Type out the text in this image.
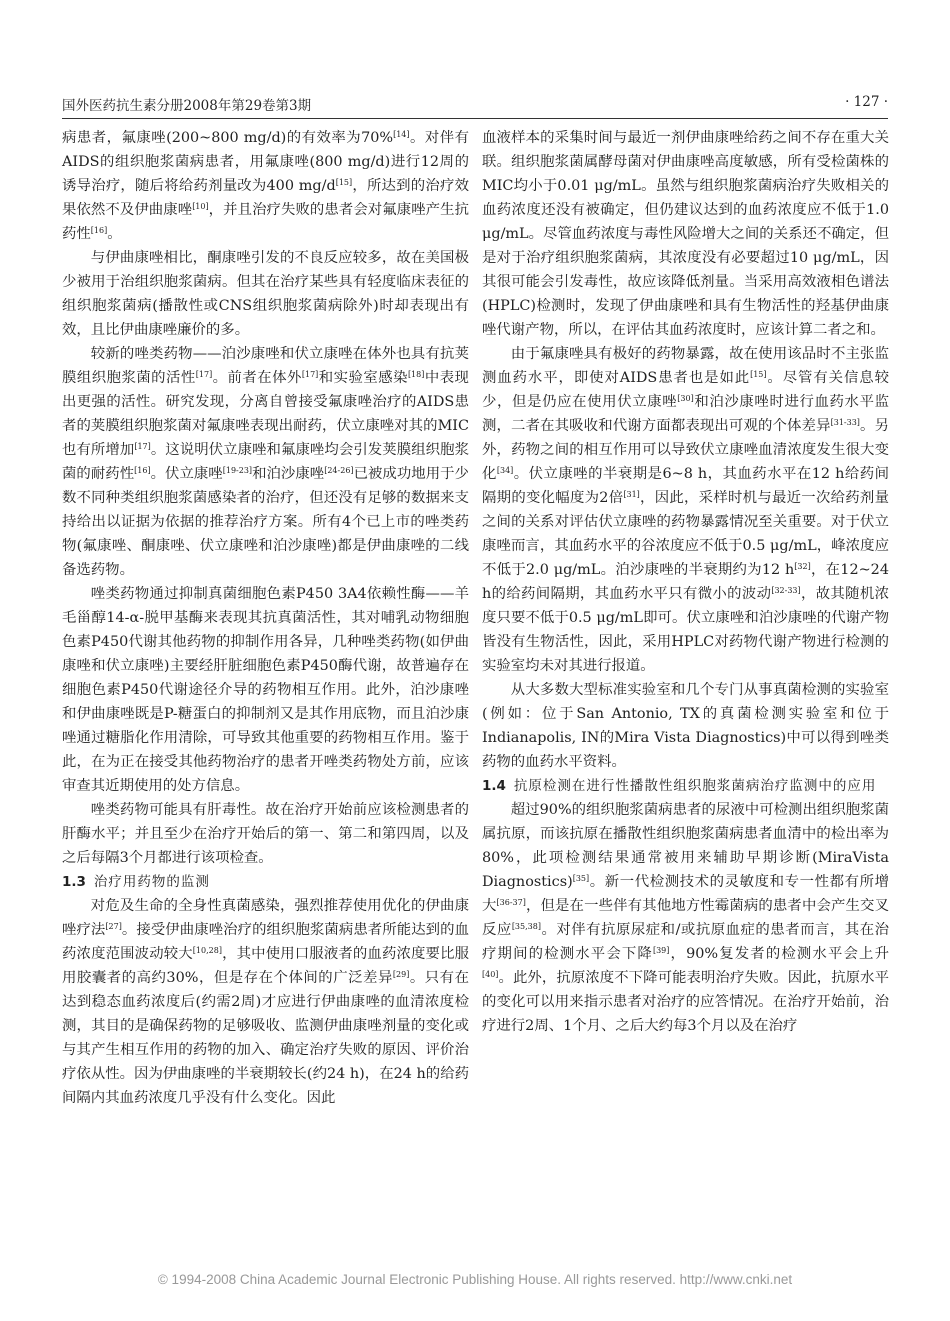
国外医药抗生素分册2008年第29卷第3期	· 127 ·

病患者，氟康唑(200~800 mg/d)的有效率为70%[14]。对伴有AIDS的组织胞浆菌病患者，用氟康唑(800 mg/d)进行12周的诱导治疗，随后将给药剂量改为400 mg/d[15]，所达到的治疗效果依然不及伊曲康唑[10]，并且治疗失败的患者会对氟康唑产生抗药性[16]。

与伊曲康唑相比，酮康唑引发的不良反应较多，故在美国极少被用于治组织胞浆菌病。但其在治疗某些具有轻度临床表征的组织胞浆菌病(播散性或CNS组织胞浆菌病除外)时却表现出有效，且比伊曲康唑廉价的多。

较新的唑类药物——泊沙康唑和伏立康唑在体外也具有抗荚膜组织胞浆菌的活性[17]。前者在体外[17]和实验室感染[18]中表现出更强的活性。研究发现，分离自曾接受氟康唑治疗的AIDS患者的荚膜组织胞浆菌对氟康唑表现出耐药，伏立康唑对其的MIC也有所增加[17]。这说明伏立康唑和氟康唑均会引发荚膜组织胞浆菌的耐药性[16]。伏立康唑[19-23]和泊沙康唑[24-26]已被成功地用于少数不同种类组织胞浆菌感染者的治疗，但还没有足够的数据来支持给出以证据为依据的推荐治疗方案。所有4个已上市的唑类药物(氟康唑、酮康唑、伏立康唑和泊沙康唑)都是伊曲康唑的二线备选药物。

唑类药物通过抑制真菌细胞色素P450 3A4依赖性酶——羊毛甾醇14-α-脱甲基酶来表现其抗真菌活性，其对哺乳动物细胞色素P450代谢其他药物的抑制作用各异，几种唑类药物(如伊曲康唑和伏立康唑)主要经肝脏细胞色素P450酶代谢，故普遍存在细胞色素P450代谢途径介导的药物相互作用。此外，泊沙康唑和伊曲康唑既是P-糖蛋白的抑制剂又是其作用底物，而且泊沙康唑通过糖脂化作用清除，可导致其他重要的药物相互作用。鉴于此，在为正在接受其他药物治疗的患者开唑类药物处方前，应该审查其近期使用的处方信息。

唑类药物可能具有肝毒性。故在治疗开始前应该检测患者的肝酶水平；并且至少在治疗开始后的第一、第二和第四周，以及之后每隔3个月都进行该项检查。

1.3 治疗用药物的监测

对危及生命的全身性真菌感染，强烈推荐使用优化的伊曲康唑疗法[27]。接受伊曲康唑治疗的组织胞浆菌病患者所能达到的血药浓度范围波动较大[10,28]，其中使用口服液者的血药浓度要比服用胶囊者的高约30%，但是存在个体间的广泛差异[29]。只有在达到稳态血药浓度后(约需2周)才应进行伊曲康唑的血清浓度检测，其目的是确保药物的足够吸收、监测伊曲康唑剂量的变化或与其产生相互作用的药物的加入、确定治疗失败的原因、评价治疗依从性。因为伊曲康唑的半衰期较长(约24 h)，在24 h的给药间隔内其血药浓度几乎没有什么变化。因此

血液样本的采集时间与最近一剂伊曲康唑给药之间不存在重大关联。组织胞浆菌属酵母菌对伊曲康唑高度敏感，所有受检菌株的MIC均小于0.01 μg/mL。虽然与组织胞浆菌病治疗失败相关的血药浓度还没有被确定，但仍建议达到的血药浓度应不低于1.0 μg/mL。尽管血药浓度与毒性风险增大之间的关系还不确定，但是对于治疗组织胞浆菌病，其浓度没有必要超过10 μg/mL，因其很可能会引发毒性，故应该降低剂量。当采用高效液相色谱法(HPLC)检测时，发现了伊曲康唑和具有生物活性的羟基伊曲康唑代谢产物，所以，在评估其血药浓度时，应该计算二者之和。

由于氟康唑具有极好的药物暴露，故在使用该品时不主张监测血药水平，即使对AIDS患者也是如此[15]。尽管有关信息较少，但是仍应在使用伏立康唑[30]和泊沙康唑时进行血药水平监测，二者在其吸收和代谢方面都表现出可观的个体差异[31-33]。另外，药物之间的相互作用可以导致伏立康唑血清浓度发生很大变化[34]。伏立康唑的半衰期是6~8 h，其血药水平在12 h给药间隔期的变化幅度为2倍[31]，因此，采样时机与最近一次给药剂量之间的关系对评估伏立康唑的药物暴露情况至关重要。对于伏立康唑而言，其血药水平的谷浓度应不低于0.5 μg/mL，峰浓度应不低于2.0 μg/mL。泊沙康唑的半衰期约为12 h[32]，在12~24 h的给药间隔期，其血药水平只有微小的波动[32-33]，故其随机浓度只要不低于0.5 μg/mL即可。伏立康唑和泊沙康唑的代谢产物皆没有生物活性，因此，采用HPLC对药物代谢产物进行检测的实验室均未对其进行报道。

从大多数大型标准实验室和几个专门从事真菌检测的实验室(例如：位于San Antonio, TX的真菌检测实验室和位于Indianapolis, IN的Mira Vista Diagnostics)中可以得到唑类药物的血药水平资料。

1.4 抗原检测在进行性播散性组织胞浆菌病治疗监测中的应用

超过90%的组织胞浆菌病患者的尿液中可检测出组织胞浆菌属抗原，而该抗原在播散性组织胞浆菌病患者血清中的检出率为80%，此项检测结果通常被用来辅助早期诊断(MiraVista Diagnostics)[35]。新一代检测技术的灵敏度和专一性都有所增大[36-37]，但是在一些伴有其他地方性霉菌病的患者中会产生交叉反应[35,38]。对伴有抗原尿症和/或抗原血症的患者而言，其在治疗期间的检测水平会下降[39]，90%复发者的检测水平会上升[40]。此外，抗原浓度不下降可能表明治疗失败。因此，抗原水平的变化可以用来指示患者对治疗的应答情况。在治疗开始前，治疗进行2周、1个月、之后大约每3个月以及在治疗

© 1994-2008 China Academic Journal Electronic Publishing House. All rights reserved. http://www.cnki.net
